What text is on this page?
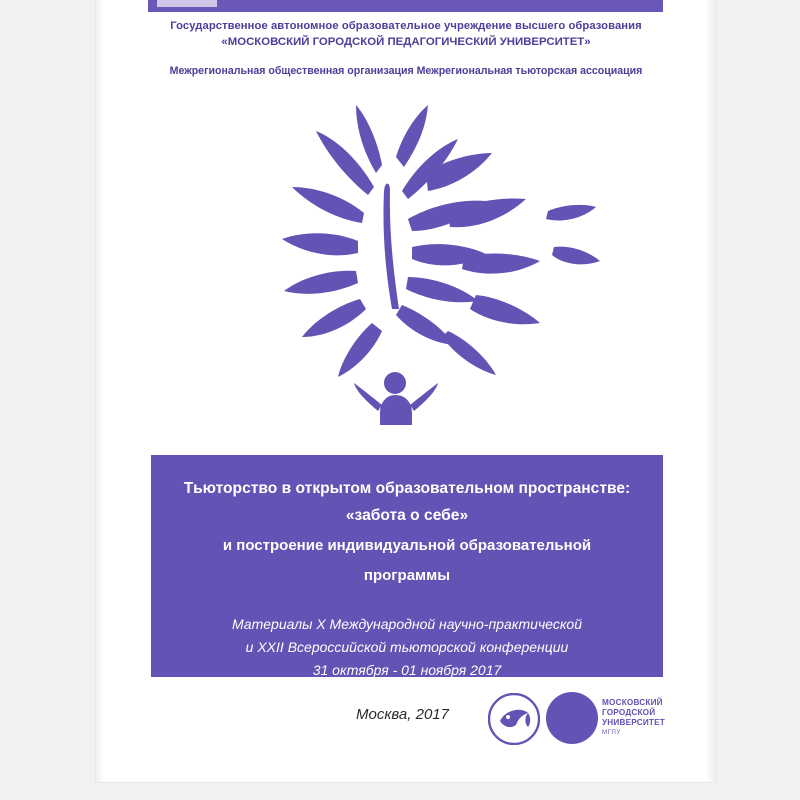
Государственное автономное образовательное учреждение высшего образования
«МОСКОВСКИЙ ГОРОДСКОЙ ПЕДАГОГИЧЕСКИЙ УНИВЕРСИТЕТ»
Межрегиональная общественная организация Межрегиональная тьюторская ассоциация
Тьюторство в открытом образовательном пространстве:
«забота о себе»
и построение индивидуальной образовательной программы
Материалы X Международной научно-практической
и XXII Всероссийской тьюторской конференции
31 октября - 01 ноября 2017
Москва, 2017
МОСКОВСКИЙ
ГОРОДСКОЙ
УНИВЕРСИТЕТ
МГПУ
